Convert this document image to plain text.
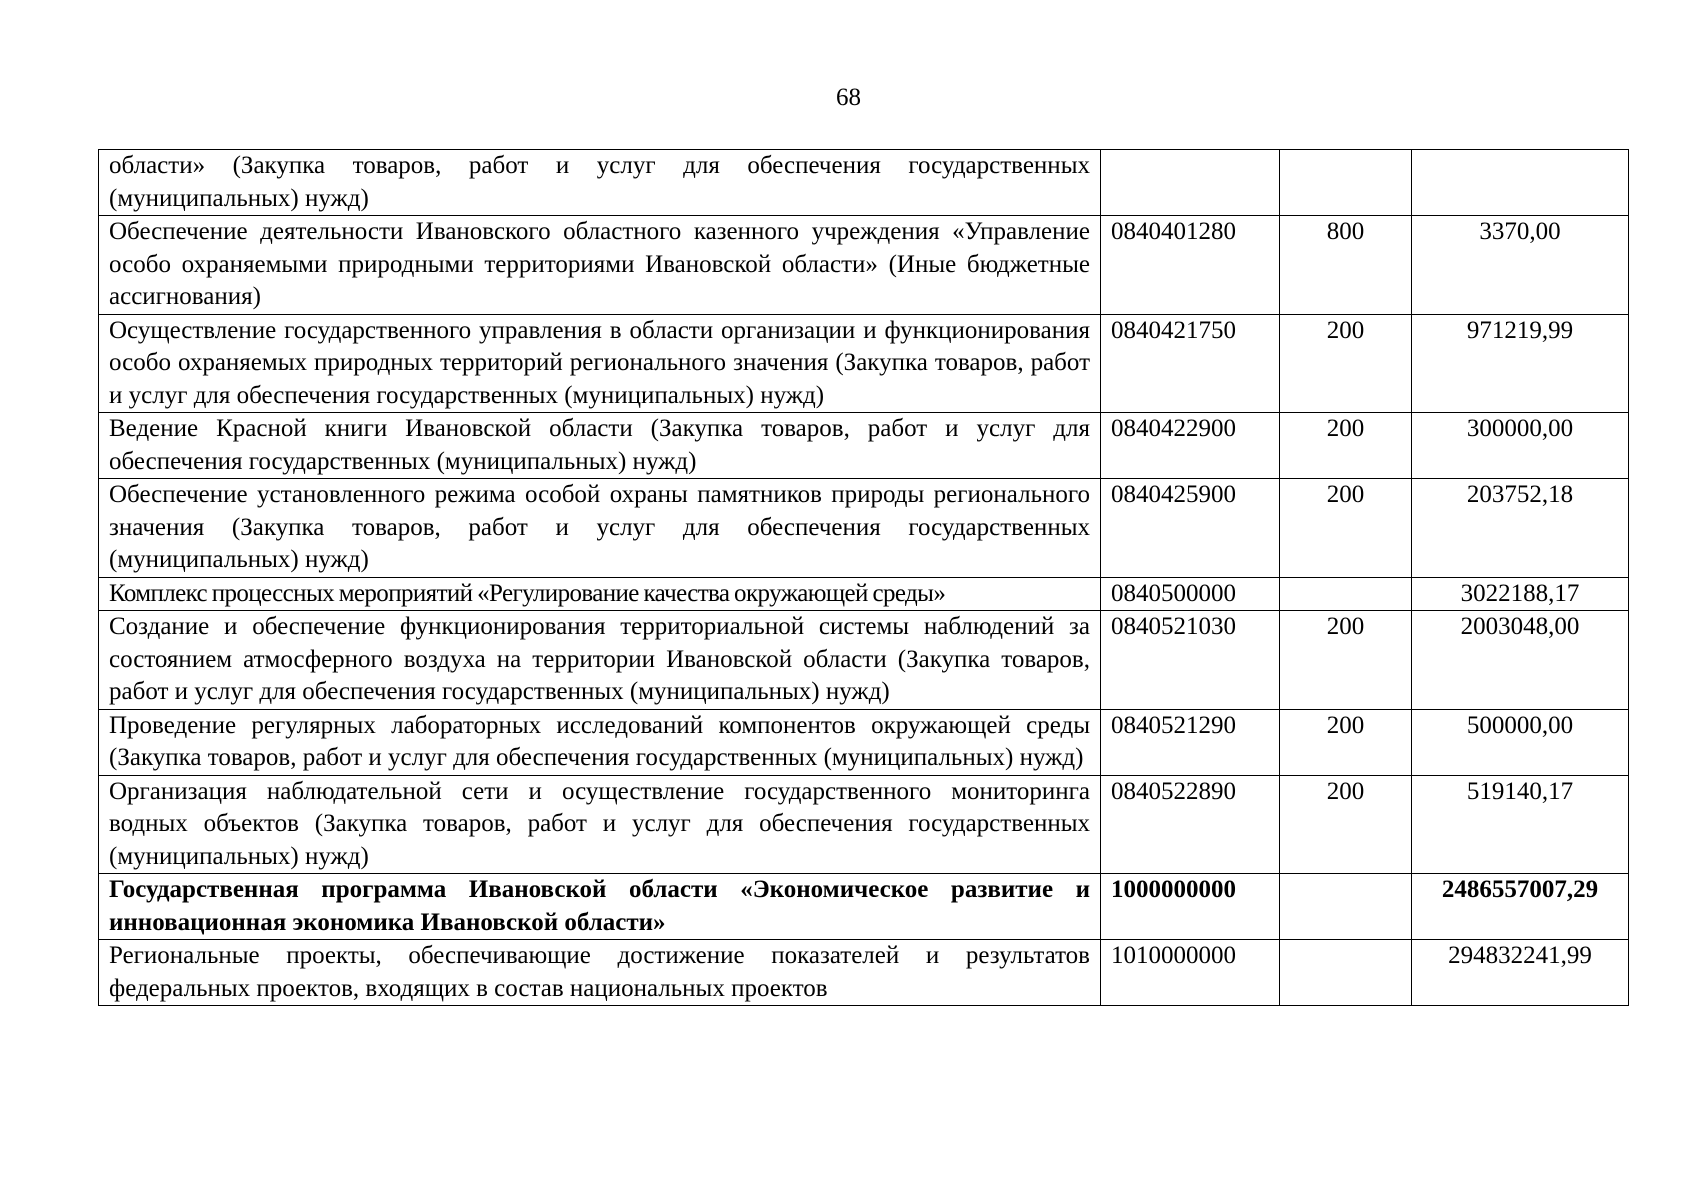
68
области» (Закупка товаров, работ и услуг для обеспечения государственных (муниципальных) нужд)			
Обеспечение деятельности Ивановского областного казенного учреждения «Управление особо охраняемыми природными территориями Ивановской области» (Иные бюджетные ассигнования)	0840401280	800	3370,00
Осуществление государственного управления в области организации и функционирования особо охраняемых природных территорий регионального значения (Закупка товаров, работ и услуг для обеспечения государственных (муниципальных) нужд)	0840421750	200	971219,99
Ведение Красной книги Ивановской области (Закупка товаров, работ и услуг для обеспечения государственных (муниципальных) нужд)	0840422900	200	300000,00
Обеспечение установленного режима особой охраны памятников природы регионального значения (Закупка товаров, работ и услуг для обеспечения государственных (муниципальных) нужд)	0840425900	200	203752,18
Комплекс процессных мероприятий «Регулирование качества окружающей среды»	0840500000		3022188,17
Создание и обеспечение функционирования территориальной системы наблюдений за состоянием атмосферного воздуха на территории Ивановской области (Закупка товаров, работ и услуг для обеспечения государственных (муниципальных) нужд)	0840521030	200	2003048,00
Проведение регулярных лабораторных исследований компонентов окружающей среды (Закупка товаров, работ и услуг для обеспечения государственных (муниципальных) нужд)	0840521290	200	500000,00
Организация наблюдательной сети и осуществление государственного мониторинга водных объектов (Закупка товаров, работ и услуг для обеспечения государственных (муниципальных) нужд)	0840522890	200	519140,17
Государственная программа Ивановской области «Экономическое развитие и инновационная экономика Ивановской области»	1000000000		2486557007,29
Региональные проекты, обеспечивающие достижение показателей и результатов федеральных проектов, входящих в состав национальных проектов	1010000000		294832241,99
